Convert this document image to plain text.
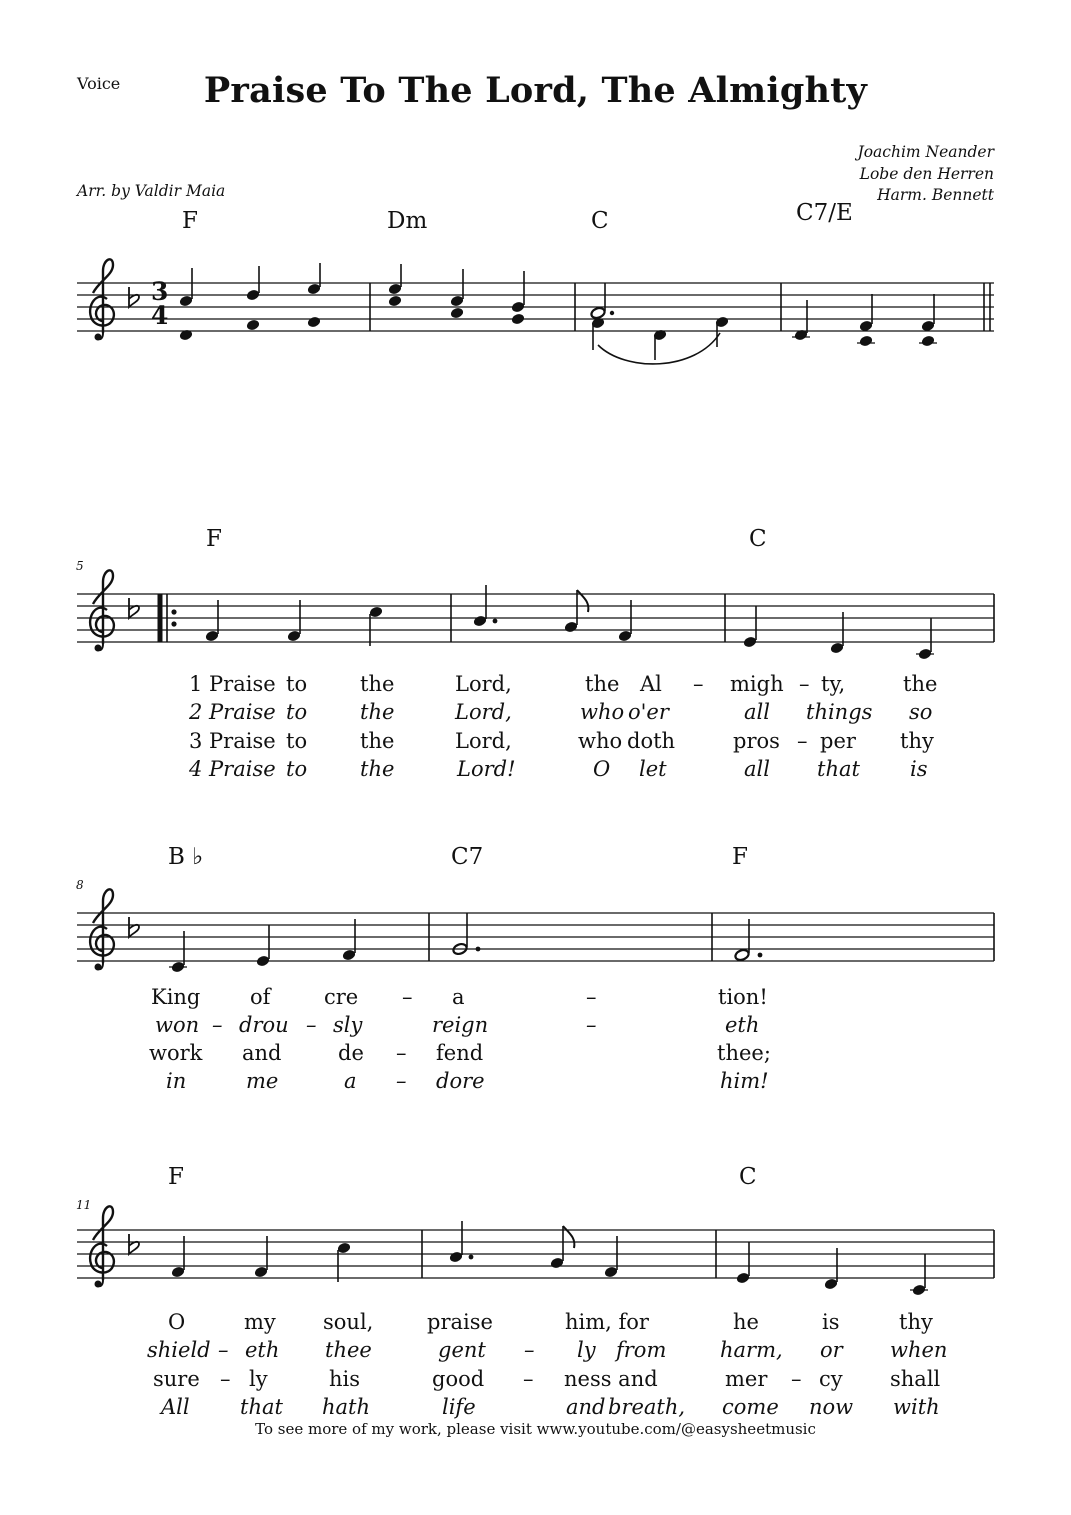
Voice	Praise To The Lord, The Almighty
Joachim Neander
Lobe den Herren
Harm. Bennett
Arr. by Valdir Maia
F	Dm	C	C7/E
3
4
5
F	C
1 Praise to	the	Lord,	the Al – migh – ty,	the
2 Praise to	the	Lord,	who o'er	all things so
3 Praise to	the	Lord,	who doth	pros – per thy
4 Praise to	the	Lord!	O let	all that is
8
B ♭	C7	F
King of	cre – a	–	tion!
won – drou – sly	reign	–	eth
work and	de – fend	thee;
in	me	a – dore	him!
11
F	C
O	my soul,	praise	him, for	he	is	thy
shield – eth thee	gent – ly from	harm, or when
sure – ly	his	good – ness and	mer – cy shall
All that hath	life	and breath, come now with
To see more of my work, please visit www.youtube.com/@easysheetmusic
